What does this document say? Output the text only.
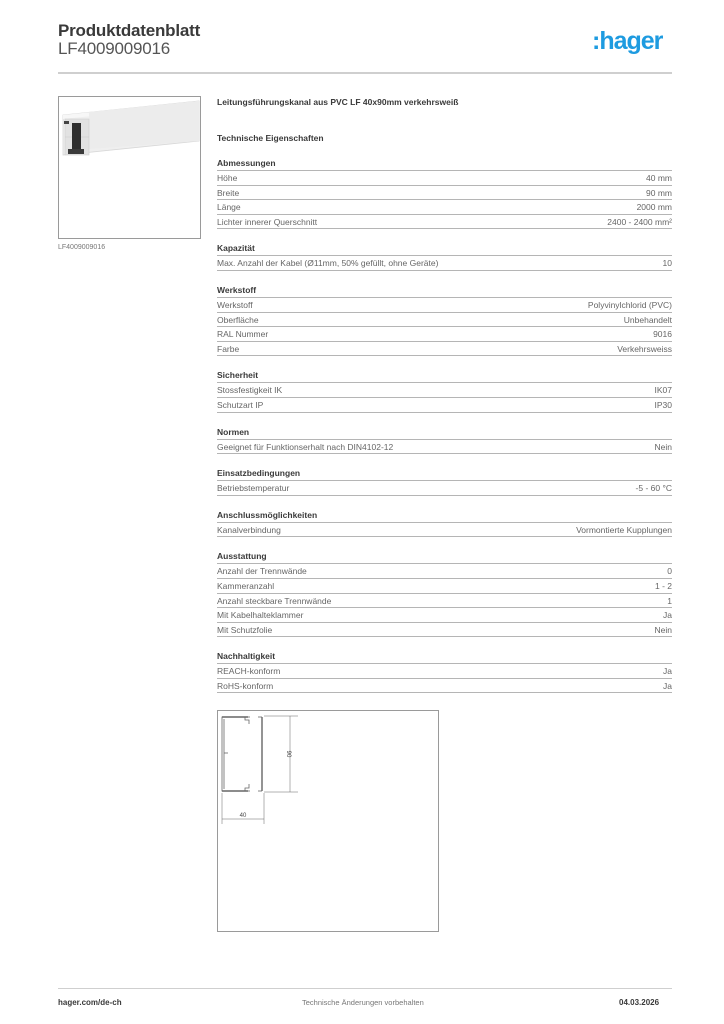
Produktdatenblatt
LF4009009016	:hager
LF4009009016
Leitungsführungskanal aus PVC LF 40x90mm verkehrsweiß
Technische Eigenschaften
Abmessungen
Höhe	40 mm
Breite	90 mm
Länge	2000 mm
Lichter innerer Querschnitt	2400 - 2400 mm²
Kapazität
Max. Anzahl der Kabel (Ø11mm, 50% gefüllt, ohne Geräte)	10
Werkstoff
Werkstoff	Polyvinylchlorid (PVC)
Oberfläche	Unbehandelt
RAL Nummer	9016
Farbe	Verkehrsweiss
Sicherheit
Stossfestigkeit IK	IK07
Schutzart IP	IP30
Normen
Geeignet für Funktionserhalt nach DIN4102-12	Nein
Einsatzbedingungen
Betriebstemperatur	-5 - 60 °C
Anschlussmöglichkeiten
Kanalverbindung	Vormontierte Kupplungen
Ausstattung
Anzahl der Trennwände	0
Kammeranzahl	1 - 2
Anzahl steckbare Trennwände	1
Mit Kabelhalteklammer	Ja
Mit Schutzfolie	Nein
Nachhaltigkeit
REACH-konform	Ja
RoHS-konform	Ja
90
40
hager.com/de-ch	Technische Änderungen vorbehalten	04.03.2026
